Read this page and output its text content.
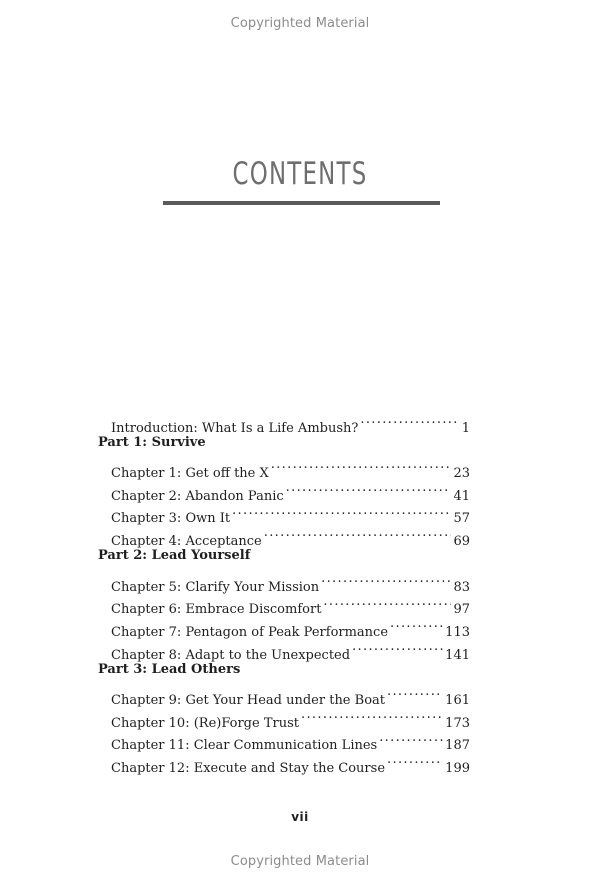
Copyrighted Material
CONTENTS
Introduction: What Is a Life Ambush? . . .	1
Part 1: Survive
Chapter 1: Get off the X . . .	23
Chapter 2: Abandon Panic . . .	41
Chapter 3: Own It . . .	57
Chapter 4: Acceptance . . .	69
Part 2: Lead Yourself
Chapter 5: Clarify Your Mission . . .	83
Chapter 6: Embrace Discomfort . . .	97
Chapter 7: Pentagon of Peak Performance . . .	113
Chapter 8: Adapt to the Unexpected . . .	141
Part 3: Lead Others
Chapter 9: Get Your Head under the Boat . . .	161
Chapter 10: (Re)Forge Trust . . .	173
Chapter 11: Clear Communication Lines . . .	187
Chapter 12: Execute and Stay the Course . . .	199
vii
Copyrighted Material
